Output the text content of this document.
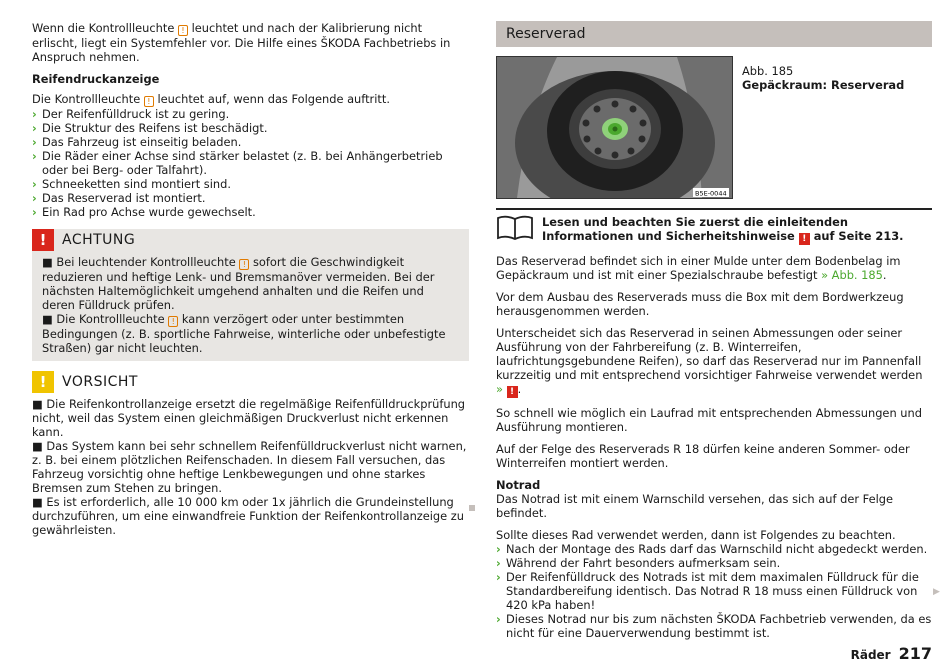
Wenn die Kontrollleuchte ! leuchtet und nach der Kalibrierung nicht erlischt, liegt ein Systemfehler vor. Die Hilfe eines ŠKODA Fachbetriebs in Anspruch nehmen.

Reifendruckanzeige

Die Kontrollleuchte ! leuchtet auf, wenn das Folgende auftritt.

› Der Reifenfülldruck ist zu gering.
› Die Struktur des Reifens ist beschädigt.
› Das Fahrzeug ist einseitig beladen.
› Die Räder einer Achse sind stärker belastet (z. B. bei Anhängerbetrieb oder bei Berg- oder Talfahrt).
› Schneeketten sind montiert sind.
› Das Reserverad ist montiert.
› Ein Rad pro Achse wurde gewechselt.
!	ACHTUNG

■ Bei leuchtender Kontrollleuchte ! sofort die Geschwindigkeit reduzieren und heftige Lenk- und Bremsmanöver vermeiden. Bei der nächsten Haltemöglichkeit umgehend anhalten und die Reifen und deren Fülldruck prüfen.

■ Die Kontrollleuchte ! kann verzögert oder unter bestimmten Bedingungen (z. B. sportliche Fahrweise, winterliche oder unbefestigte Straßen) gar nicht leuchten.

!	VORSICHT

■ Die Reifenkontrollanzeige ersetzt die regelmäßige Reifenfülldruckprüfung nicht, weil das System einen gleichmäßigen Druckverlust nicht erkennen kann.

■ Das System kann bei sehr schnellem Reifenfülldruckverlust nicht warnen, z. B. bei einem plötzlichen Reifenschaden. In diesem Fall versuchen, das Fahrzeug vorsichtig ohne heftige Lenkbewegungen und ohne starkes Bremsen zum Stehen zu bringen.

■ Es ist erforderlich, alle 10 000 km oder 1x jährlich die Grundeinstellung durchzuführen, um eine einwandfreie Funktion der Reifenkontrollanzeige zu gewährleisten.

Reserverad
B5E-0044

Abb. 185

Gepäckraum: Reserverad

Lesen und beachten Sie zuerst die einleitenden Informationen und Sicherheitshinweise ! auf Seite 213.

Das Reserverad befindet sich in einer Mulde unter dem Bodenbelag im Gepäckraum und ist mit einer Spezialschraube befestigt » Abb. 185.

Vor dem Ausbau des Reserverads muss die Box mit dem Bordwerkzeug herausgenommen werden.

Unterscheidet sich das Reserverad in seinen Abmessungen oder seiner Ausführung von der Fahrbereifung (z. B. Winterreifen, laufrichtungsgebundene Reifen), so darf das Reserverad nur im Pannenfall kurzzeitig und mit entsprechend vorsichtiger Fahrweise verwendet werden » ! .

So schnell wie möglich ein Laufrad mit entsprechenden Abmessungen und Ausführung montieren.

Auf der Felge des Reserverads R 18 dürfen keine anderen Sommer- oder Winterreifen montiert werden.

Notrad

Das Notrad ist mit einem Warnschild versehen, das sich auf der Felge befindet.

Sollte dieses Rad verwendet werden, dann ist Folgendes zu beachten.

› Nach der Montage des Rads darf das Warnschild nicht abgedeckt werden.
› Während der Fahrt besonders aufmerksam sein.
› Der Reifenfülldruck des Notrads ist mit dem maximalen Fülldruck für die Standardbereifung identisch. Das Notrad R 18 muss einen Fülldruck von 420 kPa haben!
› Dieses Notrad nur bis zum nächsten ŠKODA Fachbetrieb verwenden, da es nicht für eine Dauerverwendung bestimmt ist.
▶
Räder 217
